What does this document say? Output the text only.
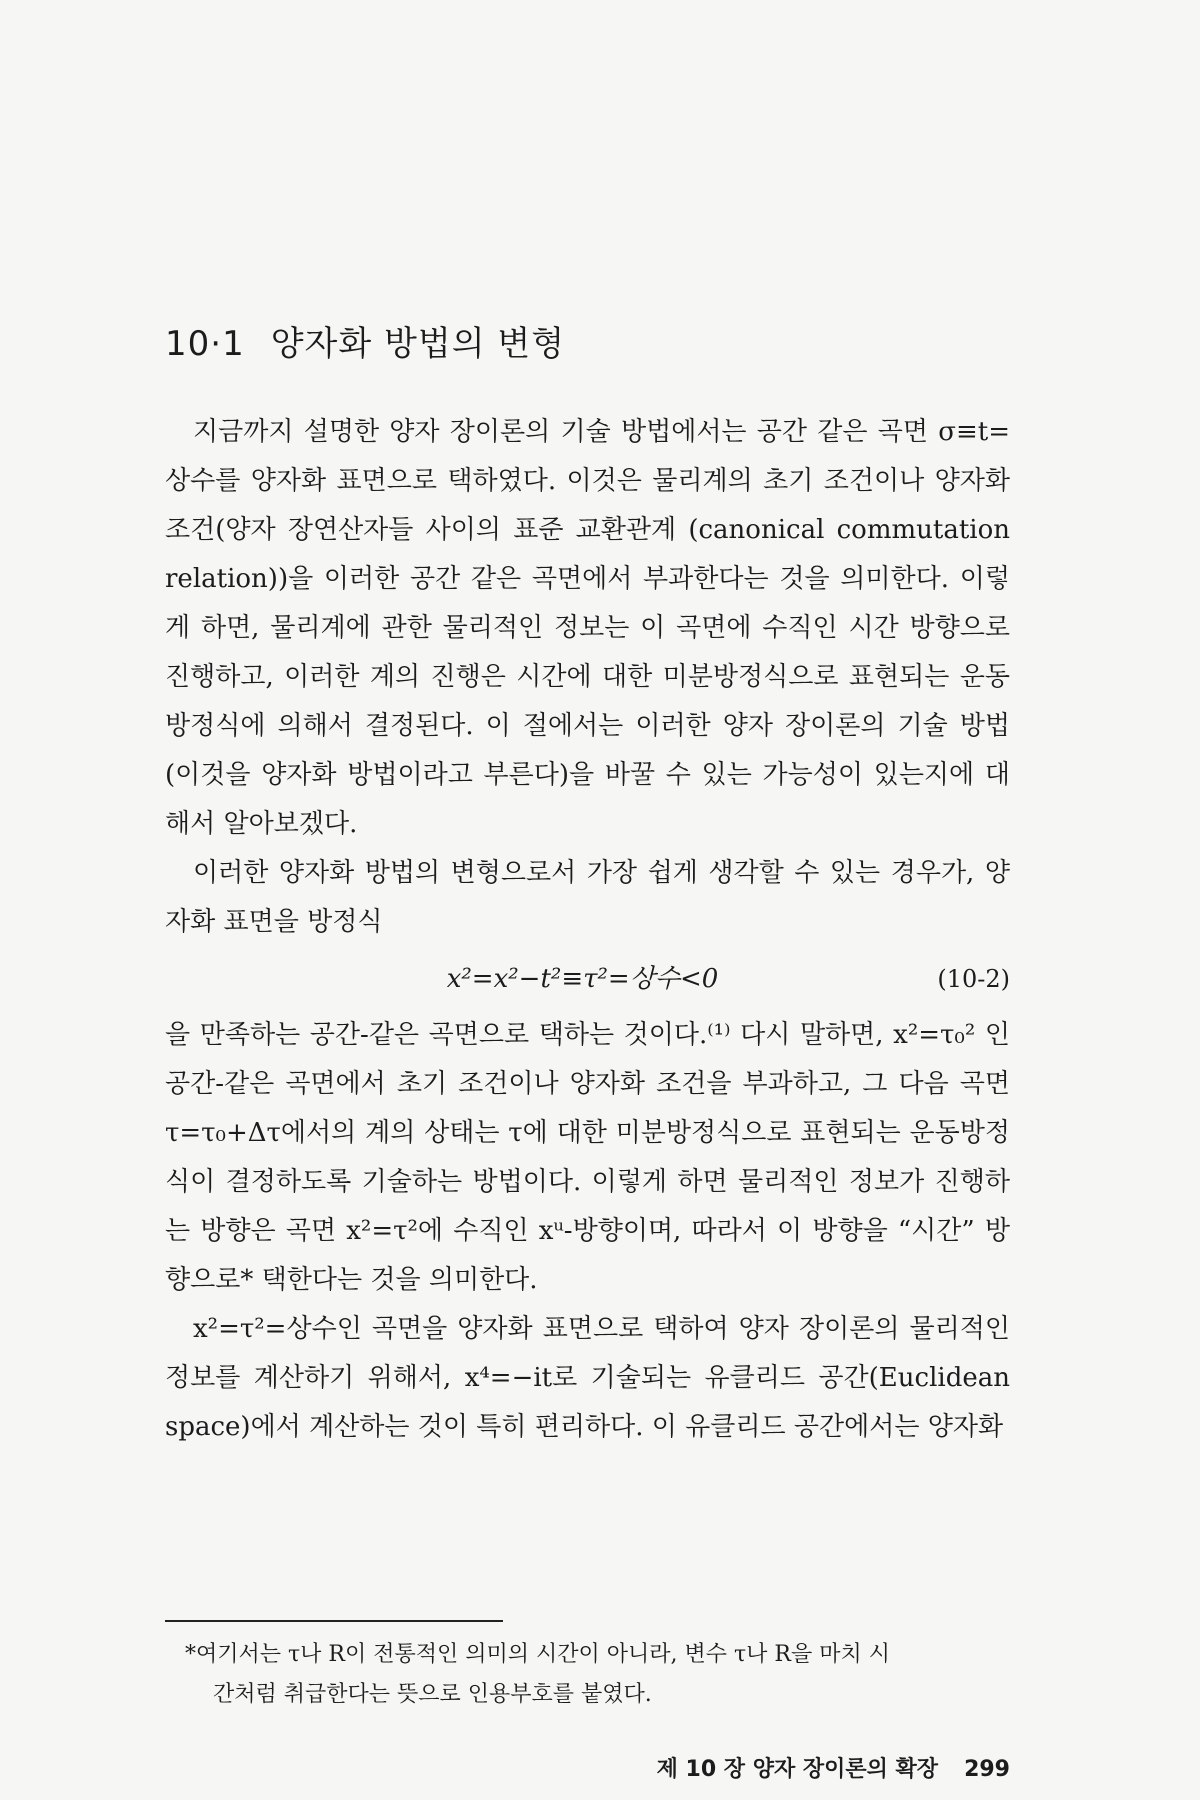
10·1 양자화 방법의 변형

지금까지 설명한 양자 장이론의 기술 방법에서는 공간 같은 곡면 σ≡t=상수를 양자화 표면으로 택하였다. 이것은 물리계의 초기 조건이나 양자화 조건(양자 장연산자들 사이의 표준 교환관계 (canonical commutation relation))을 이러한 공간 같은 곡면에서 부과한다는 것을 의미한다. 이렇게 하면, 물리계에 관한 물리적인 정보는 이 곡면에 수직인 시간 방향으로 진행하고, 이러한 계의 진행은 시간에 대한 미분방정식으로 표현되는 운동방정식에 의해서 결정된다. 이 절에서는 이러한 양자 장이론의 기술 방법(이것을 양자화 방법이라고 부른다)을 바꿀 수 있는 가능성이 있는지에 대해서 알아보겠다.

이러한 양자화 방법의 변형으로서 가장 쉽게 생각할 수 있는 경우가, 양자화 표면을 방정식

x²=x²−t²≡τ²=상수<0	(10-2)

을 만족하는 공간-같은 곡면으로 택하는 것이다.⁽¹⁾ 다시 말하면, x²=τ₀² 인 공간-같은 곡면에서 초기 조건이나 양자화 조건을 부과하고, 그 다음 곡면 τ=τ₀+Δτ에서의 계의 상태는 τ에 대한 미분방정식으로 표현되는 운동방정식이 결정하도록 기술하는 방법이다. 이렇게 하면 물리적인 정보가 진행하는 방향은 곡면 x²=τ²에 수직인 xᵘ-방향이며, 따라서 이 방향을 “시간” 방향으로* 택한다는 것을 의미한다.

x²=τ²=상수인 곡면을 양자화 표면으로 택하여 양자 장이론의 물리적인 정보를 계산하기 위해서, x⁴=−it로 기술되는 유클리드 공간(Euclidean space)에서 계산하는 것이 특히 편리하다. 이 유클리드 공간에서는 양자화

*여기서는 τ나 R이 전통적인 의미의 시간이 아니라, 변수 τ나 R을 마치 시
간처럼 취급한다는 뜻으로 인용부호를 붙였다.
제 10 장 양자 장이론의 확장 299
